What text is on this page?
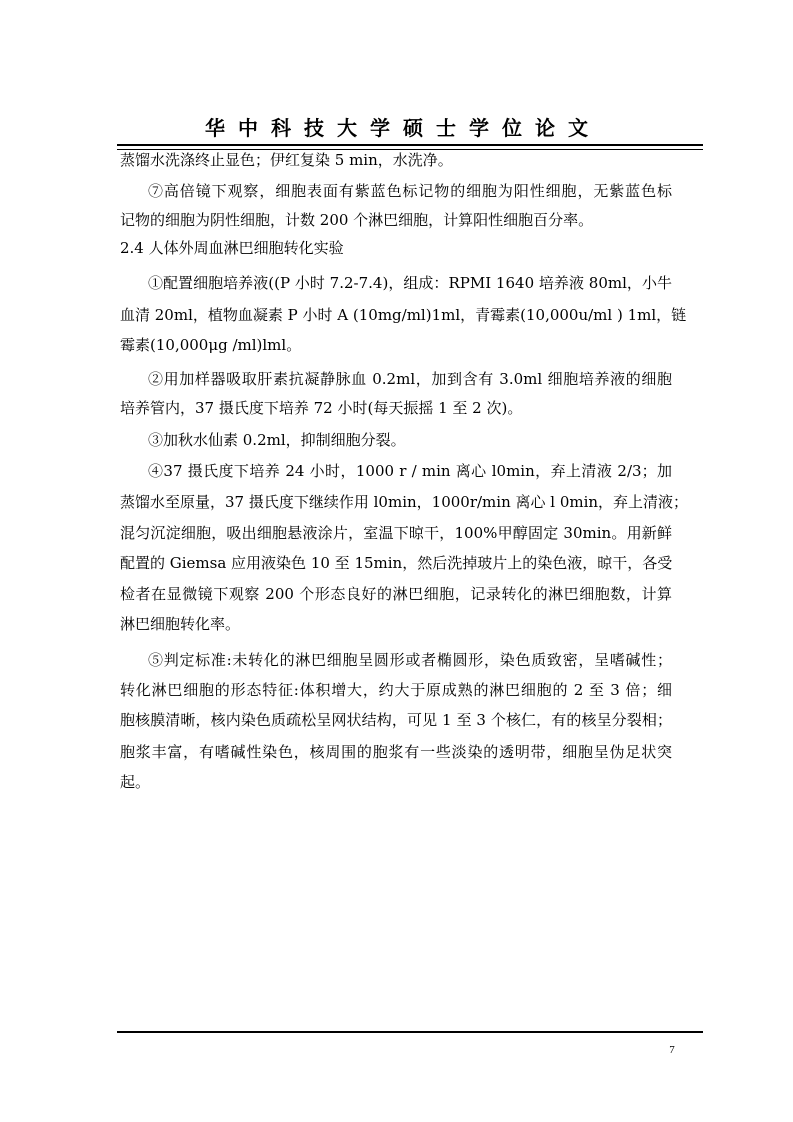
华中科技大学硕士学位论文
蒸馏水洗涤终止显色；伊红复染 5 min，水洗净。
⑦高倍镜下观察，细胞表面有紫蓝色标记物的细胞为阳性细胞，无紫蓝色标
记物的细胞为阴性细胞，计数 200 个淋巴细胞，计算阳性细胞百分率。
2.4 人体外周血淋巴细胞转化实验
①配置细胞培养液((P 小时 7.2-7.4)，组成：RPMI 1640 培养液 80ml，小牛
血清 20ml，植物血凝素 P 小时 A (10mg/ml)1ml，青霉素(10,000u/ml ) 1ml，链
霉素(10,000μg /ml)lml。
②用加样器吸取肝素抗凝静脉血 0.2ml，加到含有 3.0ml 细胞培养液的细胞
培养管内，37 摄氏度下培养 72 小时(每天振摇 1 至 2 次)。
③加秋水仙素 0.2ml，抑制细胞分裂。
④37 摄氏度下培养 24 小时，1000 r / min 离心 l0min，弃上清液 2/3；加
蒸馏水至原量，37 摄氏度下继续作用 l0min，1000r/min 离心 l 0min，弃上清液；
混匀沉淀细胞，吸出细胞悬液涂片，室温下晾干，100%甲醇固定 30min。用新鲜
配置的 Giemsa 应用液染色 10 至 15min，然后洗掉玻片上的染色液，晾干，各受
检者在显微镜下观察 200 个形态良好的淋巴细胞，记录转化的淋巴细胞数，计算
淋巴细胞转化率。
⑤判定标准:未转化的淋巴细胞呈圆形或者椭圆形，染色质致密，呈嗜碱性；
转化淋巴细胞的形态特征:体积增大，约大于原成熟的淋巴细胞的 2 至 3 倍；细
胞核膜清晰，核内染色质疏松呈网状结构，可见 1 至 3 个核仁，有的核呈分裂相；
胞浆丰富，有嗜碱性染色，核周围的胞浆有一些淡染的透明带，细胞呈伪足状突
起。
7
